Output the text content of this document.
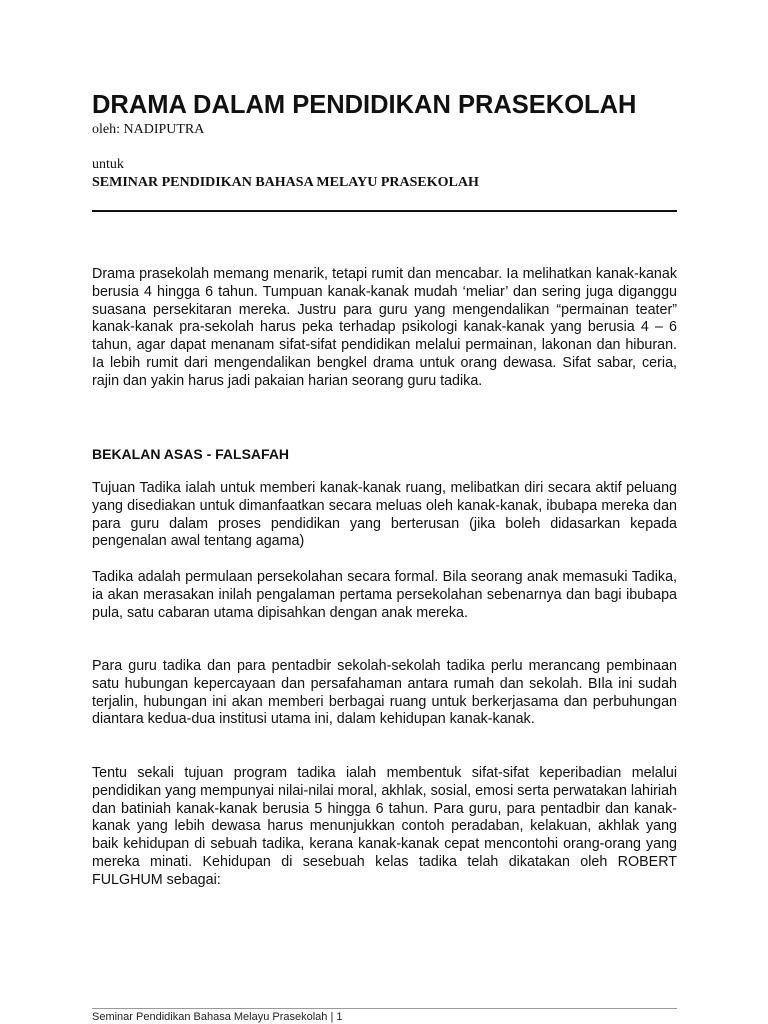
DRAMA DALAM PENDIDIKAN PRASEKOLAH
oleh: NADIPUTRA
untuk
SEMINAR PENDIDIKAN BAHASA MELAYU PRASEKOLAH

Drama prasekolah memang menarik, tetapi rumit dan mencabar. Ia melihatkan kanak-kanak berusia 4 hingga 6 tahun. Tumpuan kanak-kanak mudah ‘meliar’ dan sering juga diganggu suasana persekitaran mereka. Justru para guru yang mengendalikan “permainan teater” kanak-kanak pra-sekolah harus peka terhadap psikologi kanak-kanak yang berusia 4 – 6 tahun, agar dapat menanam sifat-sifat pendidikan melalui permainan, lakonan dan hiburan. Ia lebih rumit dari mengendalikan bengkel drama untuk orang dewasa. Sifat sabar, ceria, rajin dan yakin harus jadi pakaian harian seorang guru tadika.

BEKALAN ASAS - FALSAFAH

Tujuan Tadika ialah untuk memberi kanak-kanak ruang, melibatkan diri secara aktif peluang yang disediakan untuk dimanfaatkan secara meluas oleh kanak-kanak, ibubapa mereka dan para guru dalam proses pendidikan yang berterusan (jika boleh didasarkan kepada pengenalan awal tentang agama)

Tadika adalah permulaan persekolahan secara formal. Bila seorang anak memasuki Tadika, ia akan merasakan inilah pengalaman pertama persekolahan sebenarnya dan bagi ibubapa pula, satu cabaran utama dipisahkan dengan anak mereka.

Para guru tadika dan para pentadbir sekolah-sekolah tadika perlu merancang pembinaan satu hubungan kepercayaan dan persafahaman antara rumah dan sekolah. BIla ini sudah terjalin, hubungan ini akan memberi berbagai ruang untuk berkerjasama dan perbuhungan diantara kedua-dua institusi utama ini, dalam kehidupan kanak-kanak.

Tentu sekali tujuan program tadika ialah membentuk sifat-sifat keperibadian melalui pendidikan yang mempunyai nilai-nilai moral, akhlak, sosial, emosi serta perwatakan lahiriah dan batiniah kanak-kanak berusia 5 hingga 6 tahun. Para guru, para pentadbir dan kanak-kanak yang lebih dewasa harus menunjukkan contoh peradaban, kelakuan, akhlak yang baik kehidupan di sebuah tadika, kerana kanak-kanak cepat mencontohi orang-orang yang mereka minati. Kehidupan di sesebuah kelas tadika telah dikatakan oleh ROBERT FULGHUM sebagai:

Seminar Pendidikan Bahasa Melayu Prasekolah | 1
